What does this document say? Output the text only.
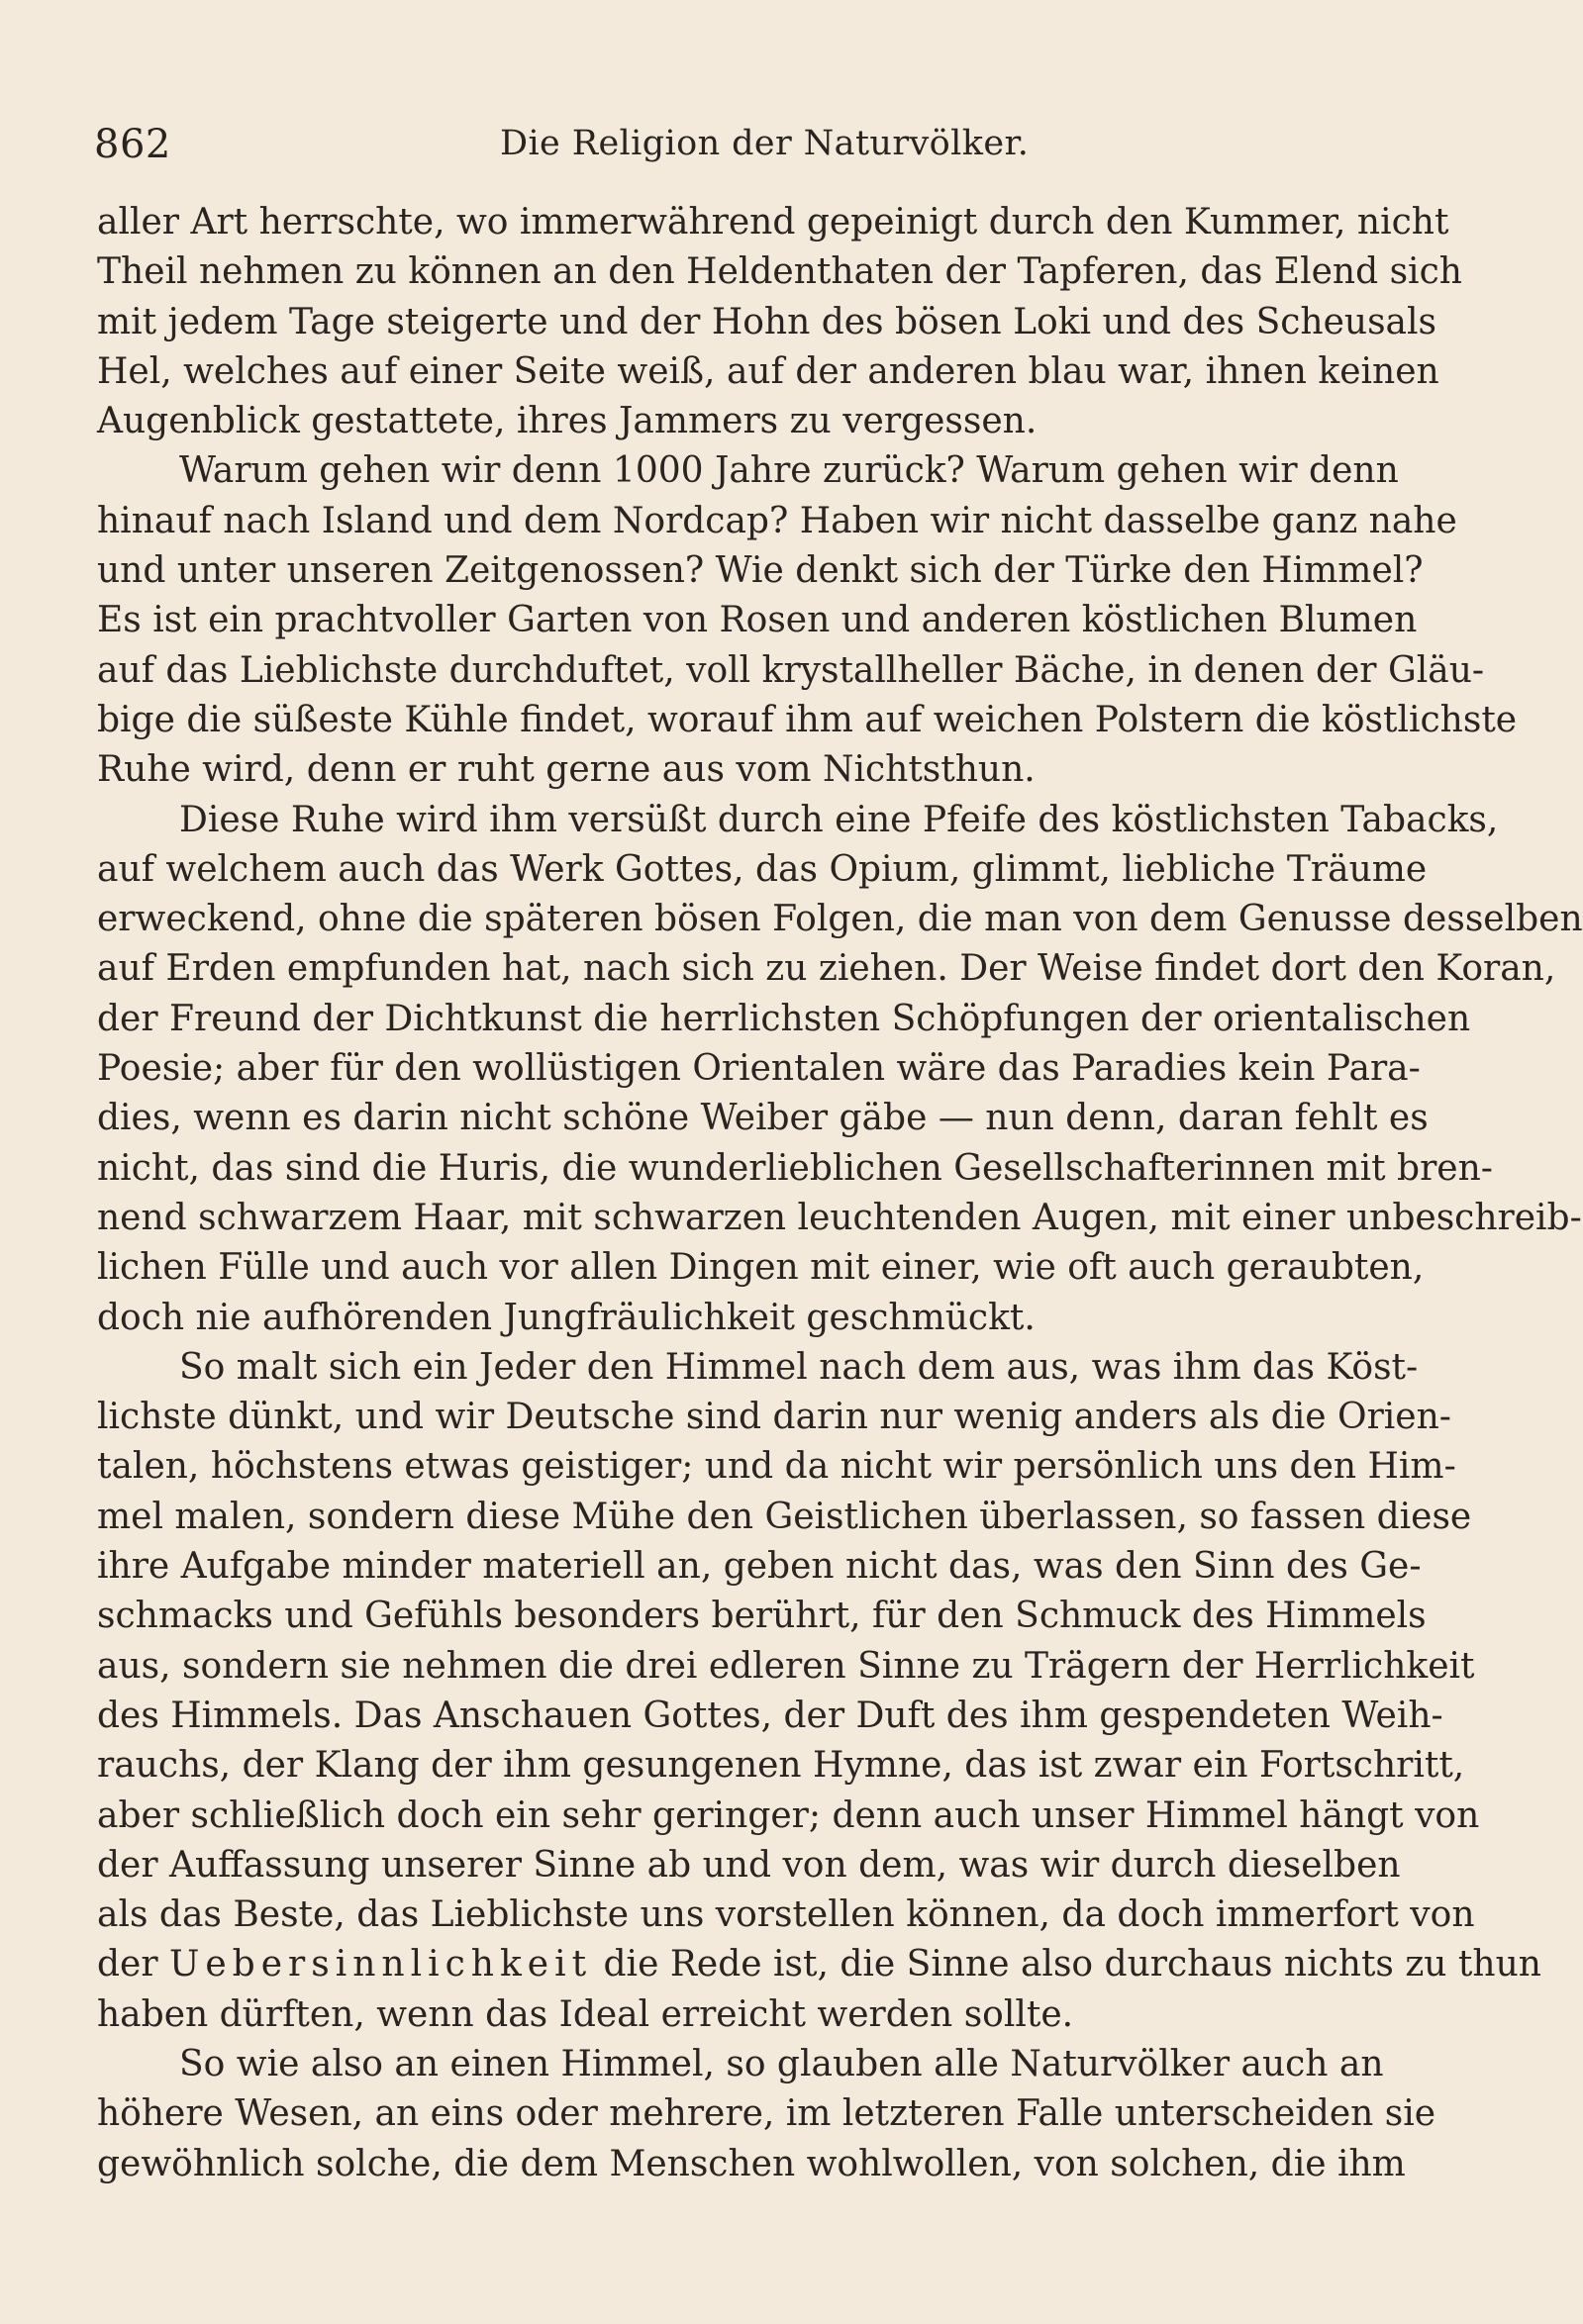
862	Die Religion der Naturvölker.
aller Art herrschte, wo immerwährend gepeinigt durch den Kummer, nicht
Theil nehmen zu können an den Heldenthaten der Tapferen, das Elend sich
mit jedem Tage steigerte und der Hohn des bösen Loki und des Scheusals
Hel, welches auf einer Seite weiß, auf der anderen blau war, ihnen keinen
Augenblick gestattete, ihres Jammers zu vergessen.
Warum gehen wir denn 1000 Jahre zurück? Warum gehen wir denn
hinauf nach Island und dem Nordcap? Haben wir nicht dasselbe ganz nahe
und unter unseren Zeitgenossen? Wie denkt sich der Türke den Himmel?
Es ist ein prachtvoller Garten von Rosen und anderen köstlichen Blumen
auf das Lieblichste durchduftet, voll krystallheller Bäche, in denen der Gläu-
bige die süßeste Kühle findet, worauf ihm auf weichen Polstern die köstlichste
Ruhe wird, denn er ruht gerne aus vom Nichtsthun.
Diese Ruhe wird ihm versüßt durch eine Pfeife des köstlichsten Tabacks,
auf welchem auch das Werk Gottes, das Opium, glimmt, liebliche Träume
erweckend, ohne die späteren bösen Folgen, die man von dem Genusse desselben
auf Erden empfunden hat, nach sich zu ziehen. Der Weise findet dort den Koran,
der Freund der Dichtkunst die herrlichsten Schöpfungen der orientalischen
Poesie; aber für den wollüstigen Orientalen wäre das Paradies kein Para-
dies, wenn es darin nicht schöne Weiber gäbe — nun denn, daran fehlt es
nicht, das sind die Huris, die wunderlieblichen Gesellschafterinnen mit bren-
nend schwarzem Haar, mit schwarzen leuchtenden Augen, mit einer unbeschreib-
lichen Fülle und auch vor allen Dingen mit einer, wie oft auch geraubten,
doch nie aufhörenden Jungfräulichkeit geschmückt.
So malt sich ein Jeder den Himmel nach dem aus, was ihm das Köst-
lichste dünkt, und wir Deutsche sind darin nur wenig anders als die Orien-
talen, höchstens etwas geistiger; und da nicht wir persönlich uns den Him-
mel malen, sondern diese Mühe den Geistlichen überlassen, so fassen diese
ihre Aufgabe minder materiell an, geben nicht das, was den Sinn des Ge-
schmacks und Gefühls besonders berührt, für den Schmuck des Himmels
aus, sondern sie nehmen die drei edleren Sinne zu Trägern der Herrlichkeit
des Himmels. Das Anschauen Gottes, der Duft des ihm gespendeten Weih-
rauchs, der Klang der ihm gesungenen Hymne, das ist zwar ein Fortschritt,
aber schließlich doch ein sehr geringer; denn auch unser Himmel hängt von
der Auffassung unserer Sinne ab und von dem, was wir durch dieselben
als das Beste, das Lieblichste uns vorstellen können, da doch immerfort von
der Uebersinnlichkeit die Rede ist, die Sinne also durchaus nichts zu thun
haben dürften, wenn das Ideal erreicht werden sollte.
So wie also an einen Himmel, so glauben alle Naturvölker auch an
höhere Wesen, an eins oder mehrere, im letzteren Falle unterscheiden sie
gewöhnlich solche, die dem Menschen wohlwollen, von solchen, die ihm
